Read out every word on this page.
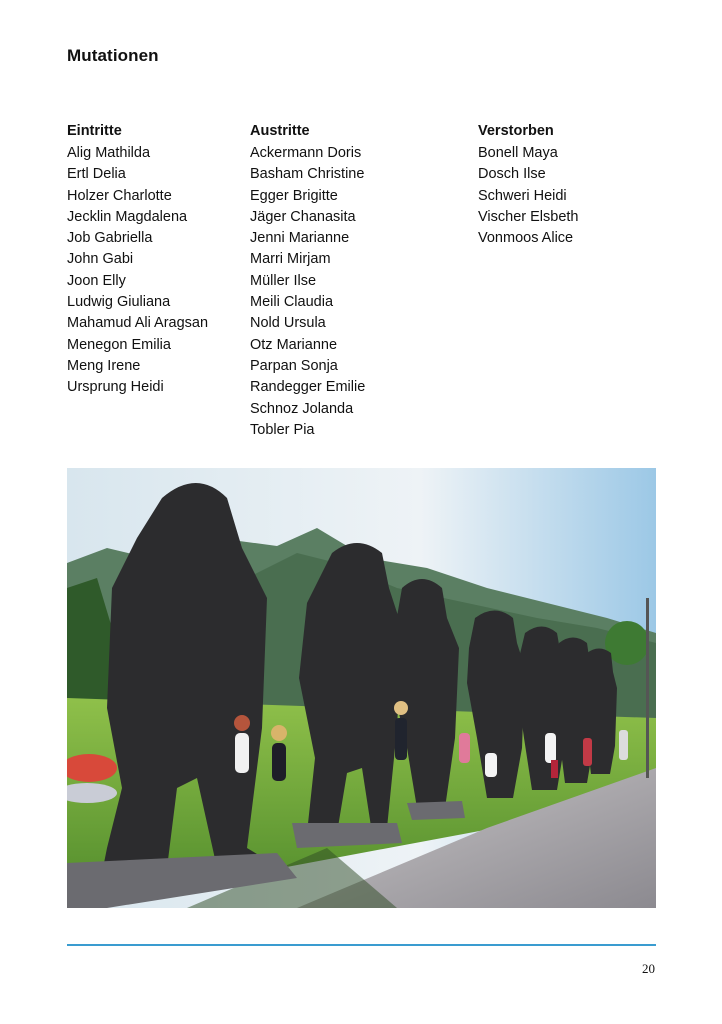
Mutationen
Eintritte
Alig Mathilda
Ertl Delia
Holzer Charlotte
Jecklin Magdalena
Job Gabriella
John Gabi
Joon Elly
Ludwig Giuliana
Mahamud Ali Aragsan
Menegon Emilia
Meng Irene
Ursprung Heidi
Austritte
Ackermann Doris
Basham Christine
Egger Brigitte
Jäger Chanasita
Jenni Marianne
Marri Mirjam
Müller Ilse
Meili Claudia
Nold Ursula
Otz Marianne
Parpan Sonja
Randegger Emilie
Schnoz Jolanda
Tobler Pia
Verstorben
Bonell Maya
Dosch Ilse
Schweri Heidi
Vischer Elsbeth
Vonmoos Alice
20
